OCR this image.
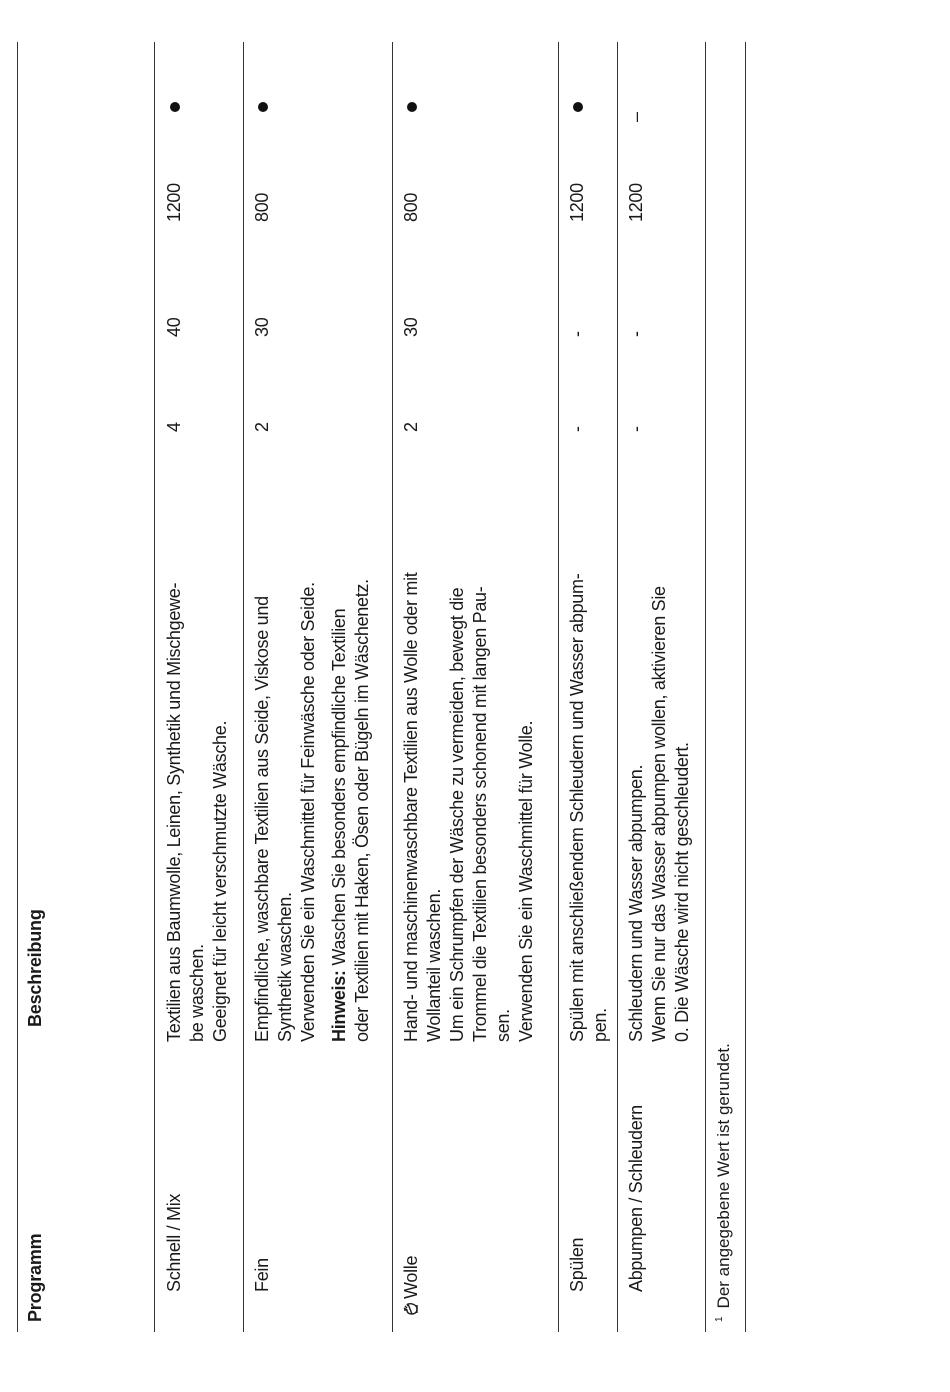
Programm
Beschreibung
Schnell / Mix
Textilien aus Baumwolle, Leinen, Synthetik und Mischgewe- be waschen. Geeignet für leicht verschmutzte Wäsche.
4
40
1200
Fein
Empfindliche, waschbare Textilien aus Seide, Viskose und Synthetik waschen. Verwenden Sie ein Waschmittel für Feinwäsche oder Seide. Hinweis: Waschen Sie besonders empfindliche Textilien oder Textilien mit Haken, Ösen oder Bügeln im Wäschenetz.
2
30
800
Wolle
Hand- und maschinenwaschbare Textilien aus Wolle oder mit Wollanteil waschen. Um ein Schrumpfen der Wäsche zu vermeiden, bewegt die Trommel die Textilien besonders schonend mit langen Pau- sen. Verwenden Sie ein Waschmittel für Wolle.
2
30
800
Spülen
Spülen mit anschließendem Schleudern und Wasser abpum- pen.
-
-
1200
Abpumpen / Schleudern
Schleudern und Wasser abpumpen. Wenn Sie nur das Wasser abpumpen wollen, aktivieren Sie 0. Die Wäsche wird nicht geschleudert.
-
-
1200
–
$^1$Der angegebene Wert ist gerundet.
